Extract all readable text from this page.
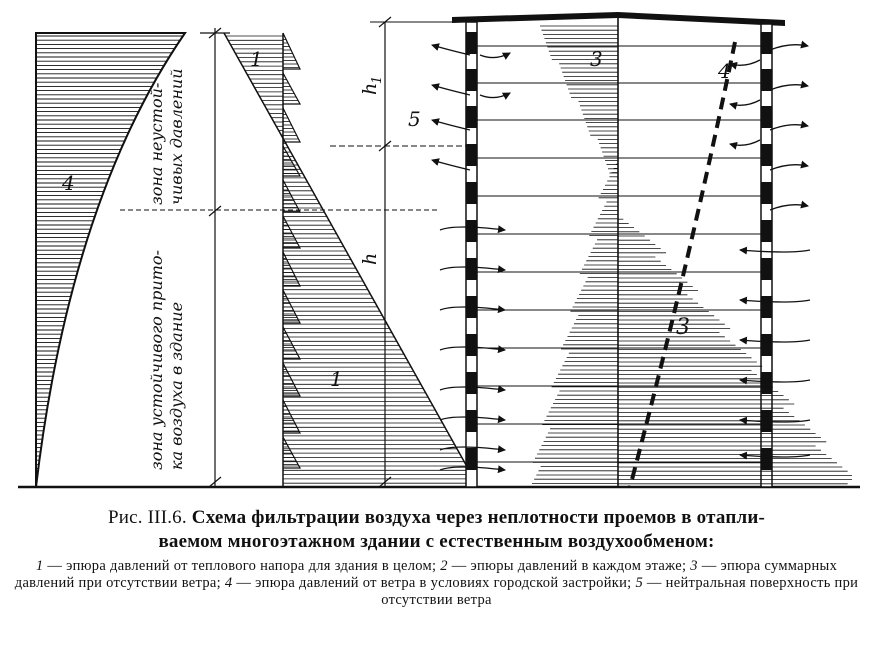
4
1
1
3
3
4
5
h
1
h
зона неустой- чивых давлений
зона устойчивого прито- ка воздуха в здание
Рис. III.6. Схема фильтрации воздуха через неплотности проемов в отапли-
ваемом многоэтажном здании с естественным воздухообменом:
1 — эпюра давлений от теплового напора для здания в целом; 2 — эпюры давлений в каждом этаже; 3 — эпюра суммарных давлений при отсутствии ветра; 4 — эпюра давлений от ветра в условиях городской застройки; 5 — нейтральная поверхность при отсутствии ветра
